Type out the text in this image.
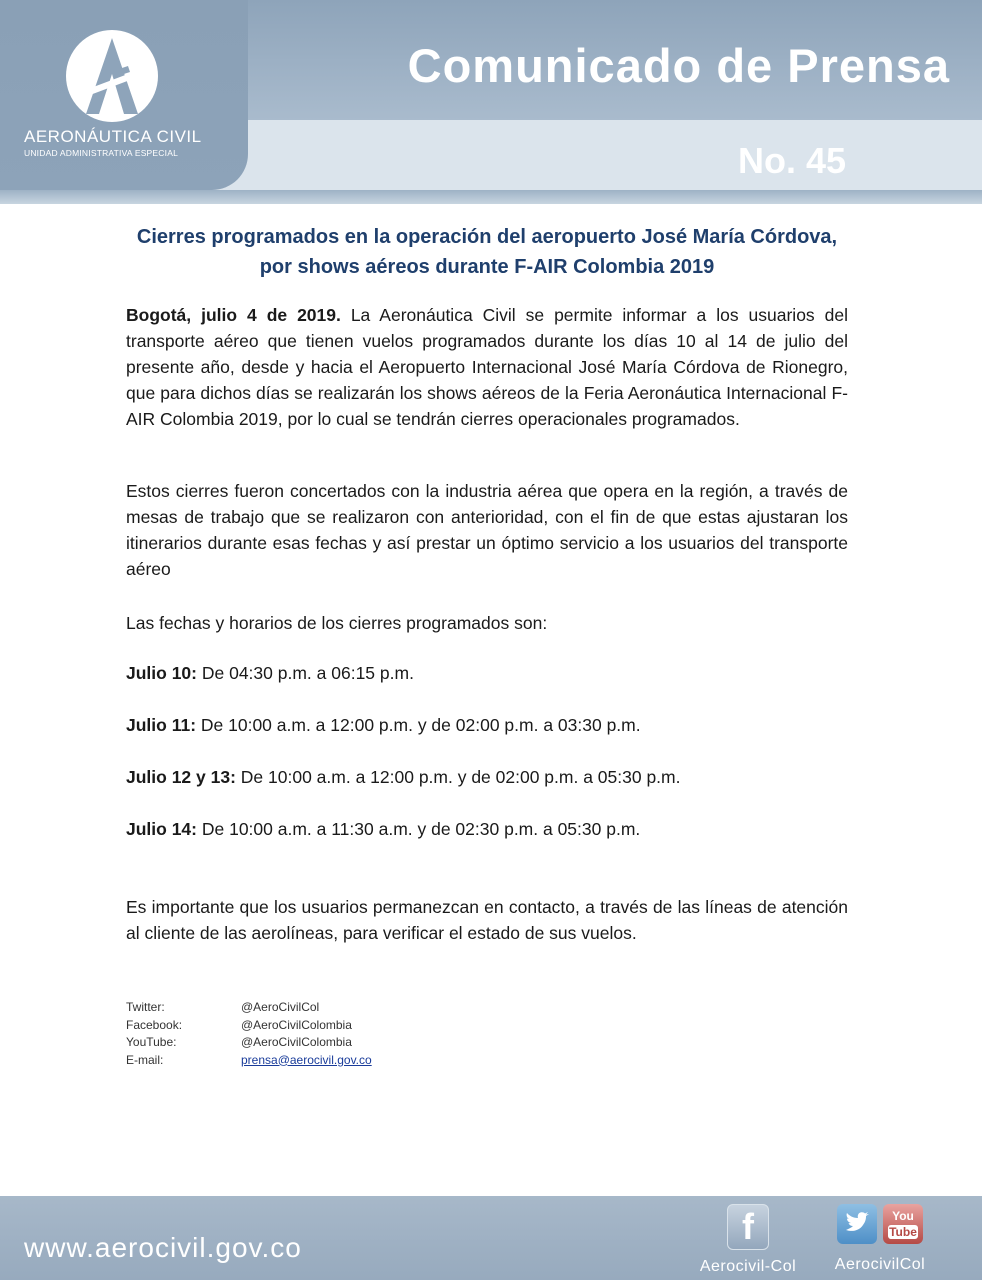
AERONÁUTICA CIVIL
UNIDAD ADMINISTRATIVA ESPECIAL
Comunicado de Prensa
No. 45
Cierres programados en la operación del aeropuerto José María Córdova, por shows aéreos durante F-AIR Colombia 2019

Bogotá, julio 4 de 2019. La Aeronáutica Civil se permite informar a los usuarios del transporte aéreo que tienen vuelos programados durante los días 10 al 14 de julio del presente año, desde y hacia el Aeropuerto Internacional José María Córdova de Rionegro, que para dichos días se realizarán los shows aéreos de la Feria Aeronáutica Internacional F-AIR Colombia 2019, por lo cual se tendrán cierres operacionales programados.

Estos cierres fueron concertados con la industria aérea que opera en la región, a través de mesas de trabajo que se realizaron con anterioridad, con el fin de que estas ajustaran los itinerarios durante esas fechas y así prestar un óptimo servicio a los usuarios del transporte aéreo

Las fechas y horarios de los cierres programados son:

Julio 10: De 04:30 p.m. a 06:15 p.m.

Julio 11: De 10:00 a.m. a 12:00 p.m. y de 02:00 p.m. a 03:30 p.m.

Julio 12 y 13: De 10:00 a.m. a 12:00 p.m. y de 02:00 p.m. a 05:30 p.m.

Julio 14: De 10:00 a.m. a 11:30 a.m. y de 02:30 p.m. a 05:30 p.m.

Es importante que los usuarios permanezcan en contacto, a través de las líneas de atención al cliente de las aerolíneas, para verificar el estado de sus vuelos.

Twitter:	@AeroCivilCol
Facebook:	@AeroCivilColombia
YouTube:	@AeroCivilColombia
E-mail:	prensa@aerocivil.gov.co
www.aerocivil.gov.co
f
Aerocivil-Col
You
Tube
AerocivilCol
